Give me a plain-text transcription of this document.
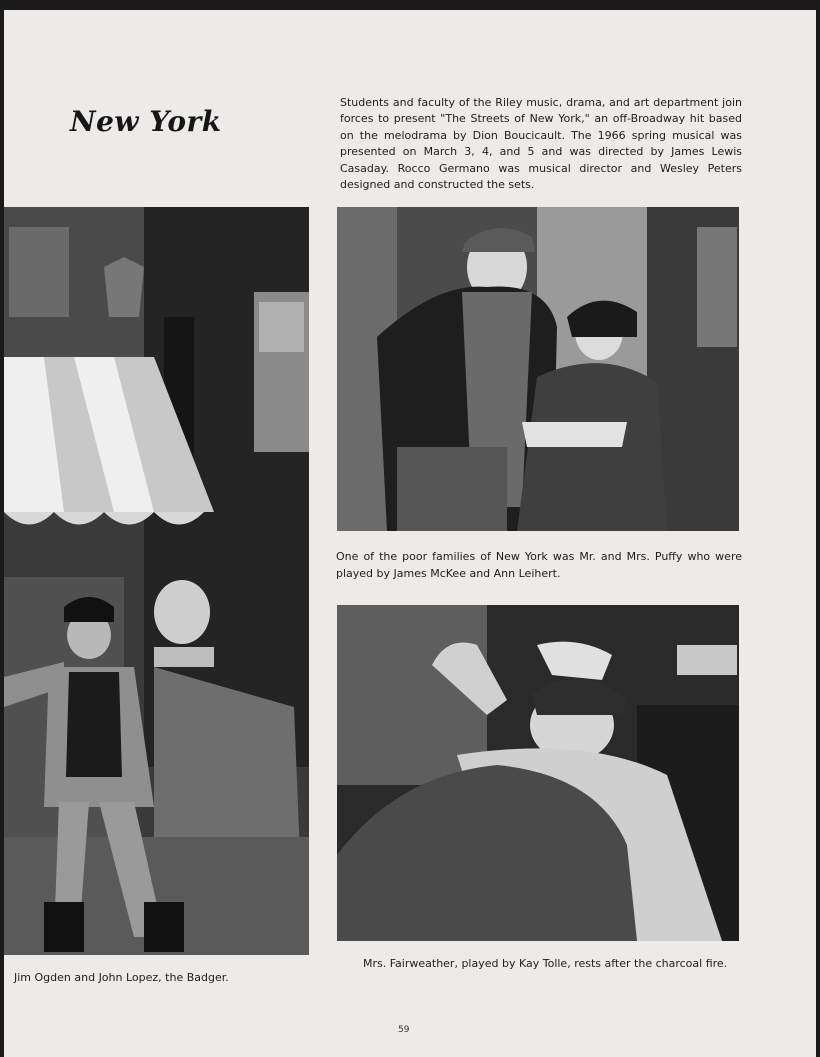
New York
Students and faculty of the Riley music, drama, and art department join forces to present "The Streets of New York," an off-Broadway hit based on the melodrama by Dion Boucicault. The 1966 spring musical was presented on March 3, 4, and 5 and was directed by James Lewis Casaday. Rocco Germano was musical director and Wesley Peters designed and constructed the sets.
Jim Ogden and John Lopez, the Badger.
One of the poor families of New York was Mr. and Mrs. Puffy who were played by James McKee and Ann Leihert.
Mrs. Fairweather, played by Kay Tolle, rests after the charcoal fire.
59
